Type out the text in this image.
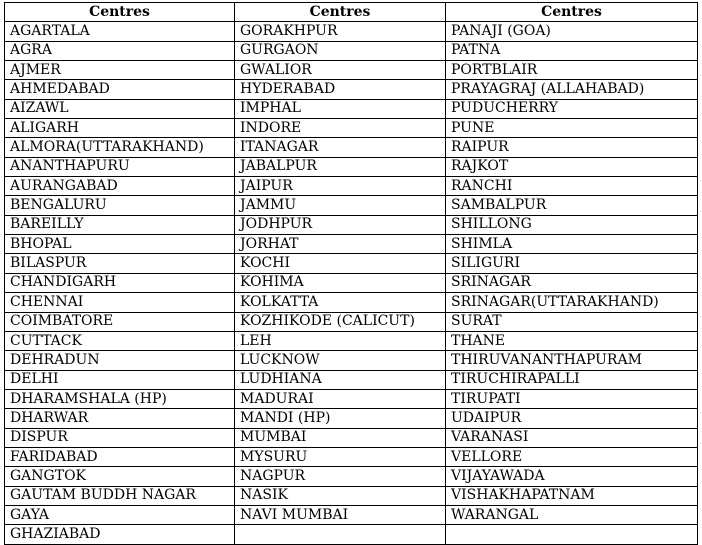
Centres	Centres	Centres
AGARTALA	GORAKHPUR	PANAJI (GOA)
AGRA	GURGAON	PATNA
AJMER	GWALIOR	PORTBLAIR
AHMEDABAD	HYDERABAD	PRAYAGRAJ (ALLAHABAD)
AIZAWL	IMPHAL	PUDUCHERRY
ALIGARH	INDORE	PUNE
ALMORA(UTTARAKHAND)	ITANAGAR	RAIPUR
ANANTHAPURU	JABALPUR	RAJKOT
AURANGABAD	JAIPUR	RANCHI
BENGALURU	JAMMU	SAMBALPUR
BAREILLY	JODHPUR	SHILLONG
BHOPAL	JORHAT	SHIMLA
BILASPUR	KOCHI	SILIGURI
CHANDIGARH	KOHIMA	SRINAGAR
CHENNAI	KOLKATTA	SRINAGAR(UTTARAKHAND)
COIMBATORE	KOZHIKODE (CALICUT)	SURAT
CUTTACK	LEH	THANE
DEHRADUN	LUCKNOW	THIRUVANANTHAPURAM
DELHI	LUDHIANA	TIRUCHIRAPALLI
DHARAMSHALA (HP)	MADURAI	TIRUPATI
DHARWAR	MANDI (HP)	UDAIPUR
DISPUR	MUMBAI	VARANASI
FARIDABAD	MYSURU	VELLORE
GANGTOK	NAGPUR	VIJAYAWADA
GAUTAM BUDDH NAGAR	NASIK	VISHAKHAPATNAM
GAYA	NAVI MUMBAI	WARANGAL
GHAZIABAD		
